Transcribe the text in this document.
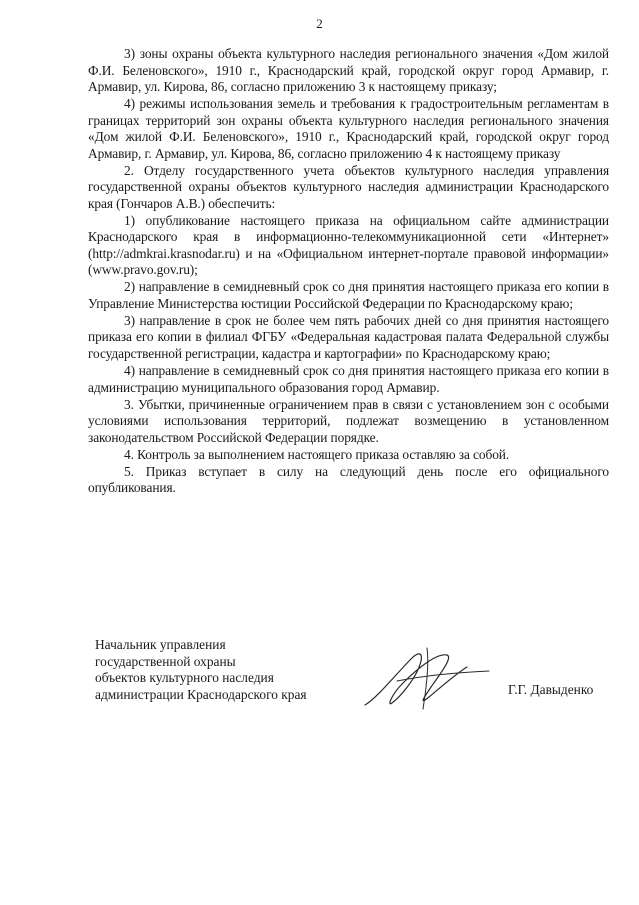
2

3) зоны охраны объекта культурного наследия регионального значения «Дом жилой Ф.И. Беленовского», 1910 г., Краснодарский край, городской округ город Армавир, г. Армавир, ул. Кирова, 86, согласно приложению 3 к настоящему приказу;

4) режимы использования земель и требования к градостроительным регламентам в границах территорий зон охраны объекта культурного наследия регионального значения «Дом жилой Ф.И. Беленовского», 1910 г., Краснодарский край, городской округ город Армавир, г. Армавир, ул. Кирова, 86, согласно приложению 4 к настоящему приказу

2. Отделу государственного учета объектов культурного наследия управления государственной охраны объектов культурного наследия администрации Краснодарского края (Гончаров А.В.) обеспечить:

1) опубликование настоящего приказа на официальном сайте администрации Краснодарского края в информационно-телекоммуникационной сети «Интернет» (http://admkrai.krasnodar.ru) и на «Официальном интернет-портале правовой информации» (www.pravo.gov.ru);

2) направление в семидневный срок со дня принятия настоящего приказа его копии в Управление Министерства юстиции Российской Федерации по Краснодарскому краю;

3) направление в срок не более чем пять рабочих дней со дня принятия настоящего приказа его копии в филиал ФГБУ «Федеральная кадастровая палата Федеральной службы государственной регистрации, кадастра и картографии» по Краснодарскому краю;

4) направление в семидневный срок со дня принятия настоящего приказа его копии в администрацию муниципального образования город Армавир.

3. Убытки, причиненные ограничением прав в связи с установлением зон с особыми условиями использования территорий, подлежат возмещению в установленном законодательством Российской Федерации порядке.

4. Контроль за выполнением настоящего приказа оставляю за собой.

5. Приказ вступает в силу на следующий день после его официального опубликования.

Начальник управления
государственной охраны
объектов культурного наследия
администрации Краснодарского края	Г.Г. Давыденко
